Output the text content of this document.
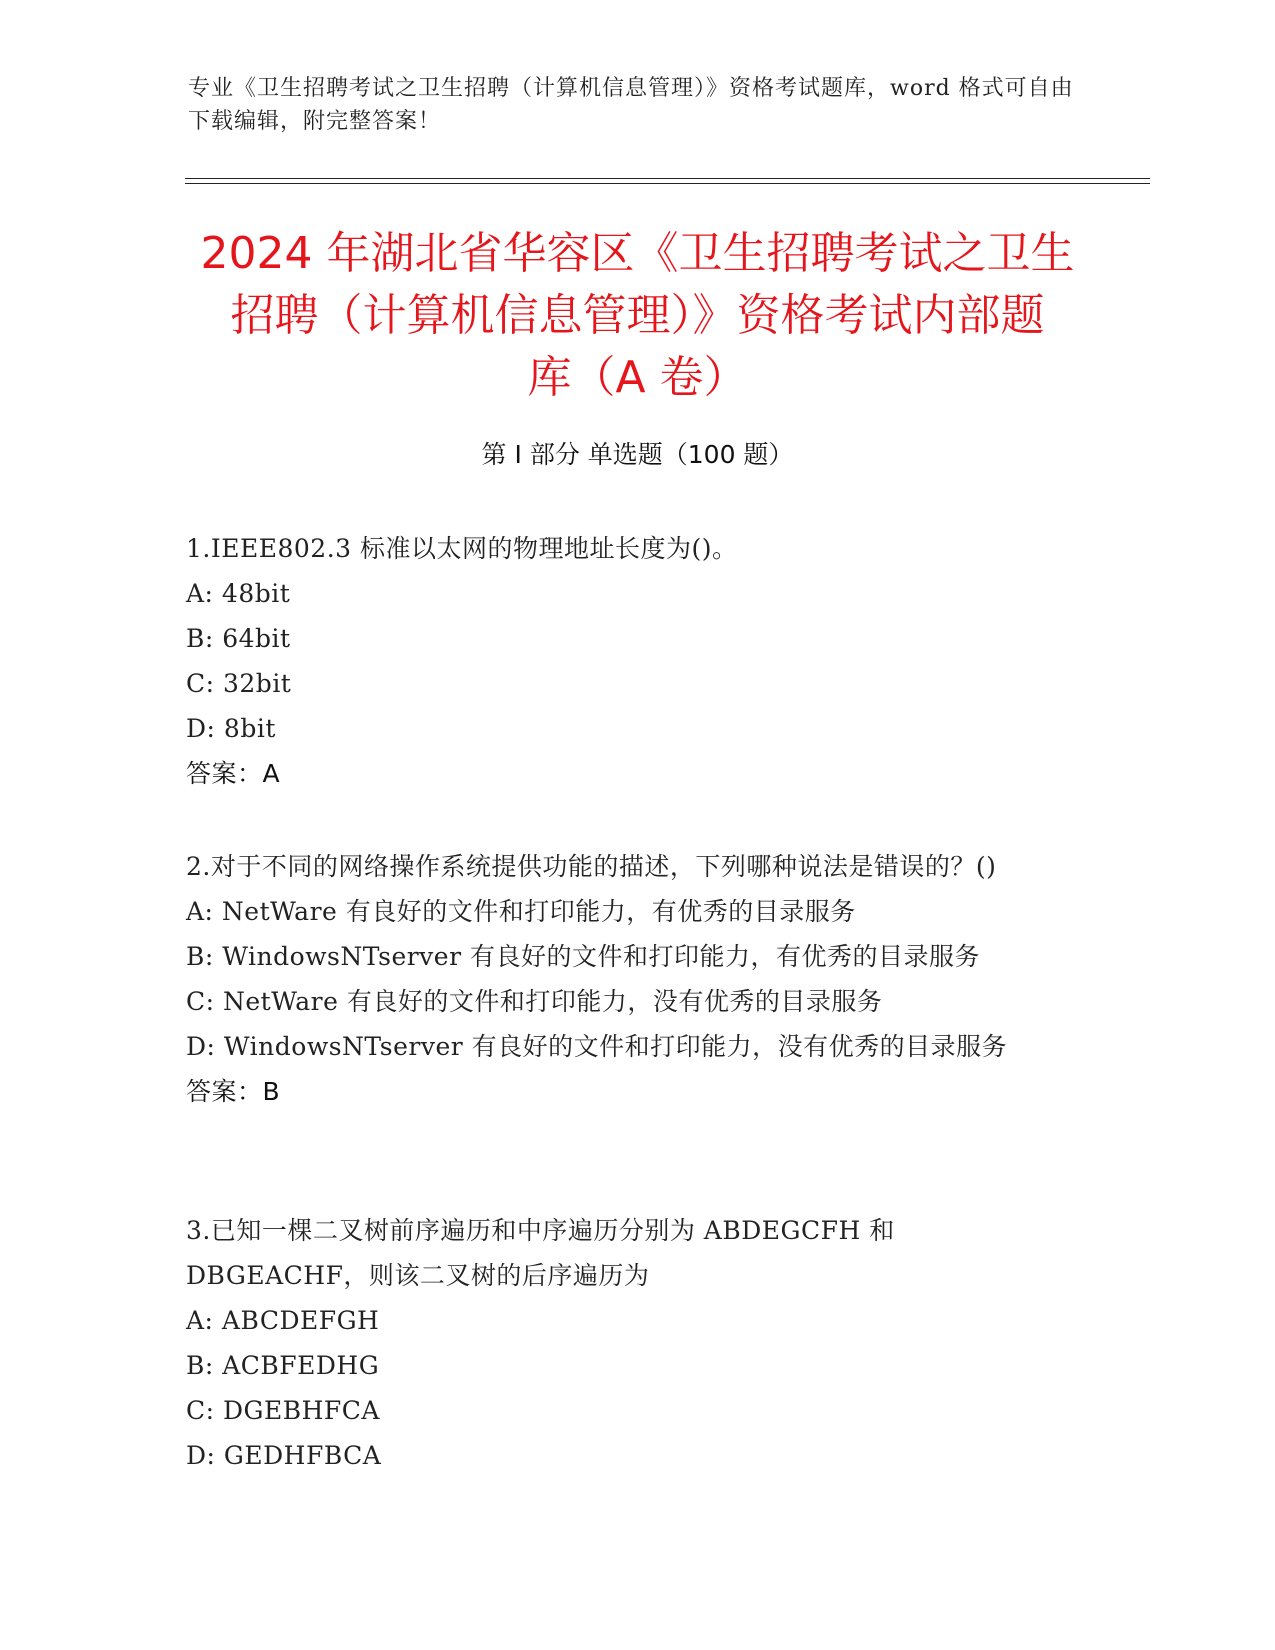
专业《卫生招聘考试之卫生招聘（计算机信息管理）》资格考试题库，word 格式可自由下载编辑，附完整答案！
2024 年湖北省华容区《卫生招聘考试之卫生
招聘（计算机信息管理）》资格考试内部题
库（A 卷）
第 I 部分 单选题（100 题）
1.IEEE802.3 标准以太网的物理地址长度为()。
A: 48bit
B: 64bit
C: 32bit
D: 8bit
答案：A
2.对于不同的网络操作系统提供功能的描述，下列哪种说法是错误的？()
A: NetWare 有良好的文件和打印能力，有优秀的目录服务
B: WindowsNTserver 有良好的文件和打印能力，有优秀的目录服务
C: NetWare 有良好的文件和打印能力，没有优秀的目录服务
D: WindowsNTserver 有良好的文件和打印能力，没有优秀的目录服务
答案：B
3.已知一棵二叉树前序遍历和中序遍历分别为 ABDEGCFH 和 DBGEACHF，则该二叉树的后序遍历为
A: ABCDEFGH
B: ACBFEDHG
C: DGEBHFCA
D: GEDHFBCA
